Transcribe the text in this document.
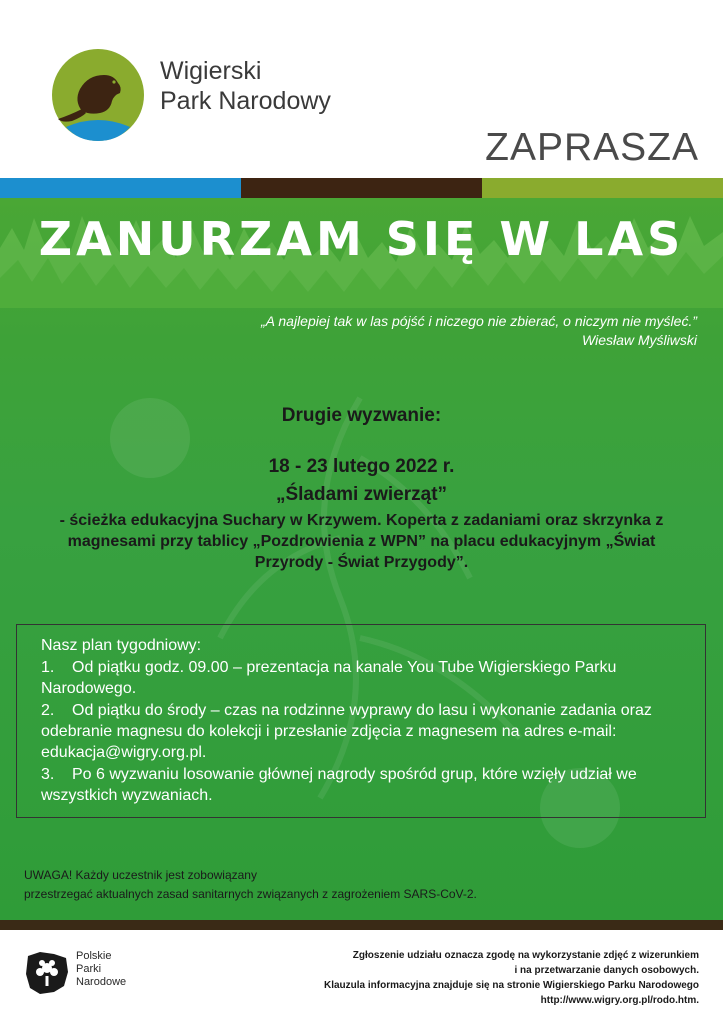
Wigierski
Park Narodowy
ZAPRASZA
ZANURZAM SIĘ W LAS
„A najlepiej tak w las pójść i niczego nie zbierać, o niczym nie myśleć.”
Wiesław Myśliwski
Drugie wyzwanie:
18 - 23 lutego 2022 r.
„Śladami zwierząt”
- ścieżka edukacyjna Suchary w Krzywem. Koperta z zadaniami oraz skrzynka z magnesami przy tablicy „Pozdrowienia z WPN” na placu edukacyjnym „Świat Przyrody - Świat Przygody”.

Nasz plan tygodniowy:

1. Od piątku godz. 09.00 – prezentacja na kanale You Tube Wigierskiego Parku Narodowego.

2. Od piątku do środy – czas na rodzinne wyprawy do lasu i wykonanie zadania oraz odebranie magnesu do kolekcji i przesłanie zdjęcia z magnesem na adres e-mail: edukacja@wigry.org.pl.

3. Po 6 wyzwaniu losowanie głównej nagrody spośród grup, które wzięły udział we wszystkich wyzwaniach.

UWAGA! Każdy uczestnik jest zobowiązany
przestrzegać aktualnych zasad sanitarnych związanych z zagrożeniem SARS-CoV-2.
Polskie
Parki
Narodowe
Zgłoszenie udziału oznacza zgodę na wykorzystanie zdjęć z wizerunkiem
i na przetwarzanie danych osobowych.
Klauzula informacyjna znajduje się na stronie Wigierskiego Parku Narodowego
http://www.wigry.org.pl/rodo.htm.
